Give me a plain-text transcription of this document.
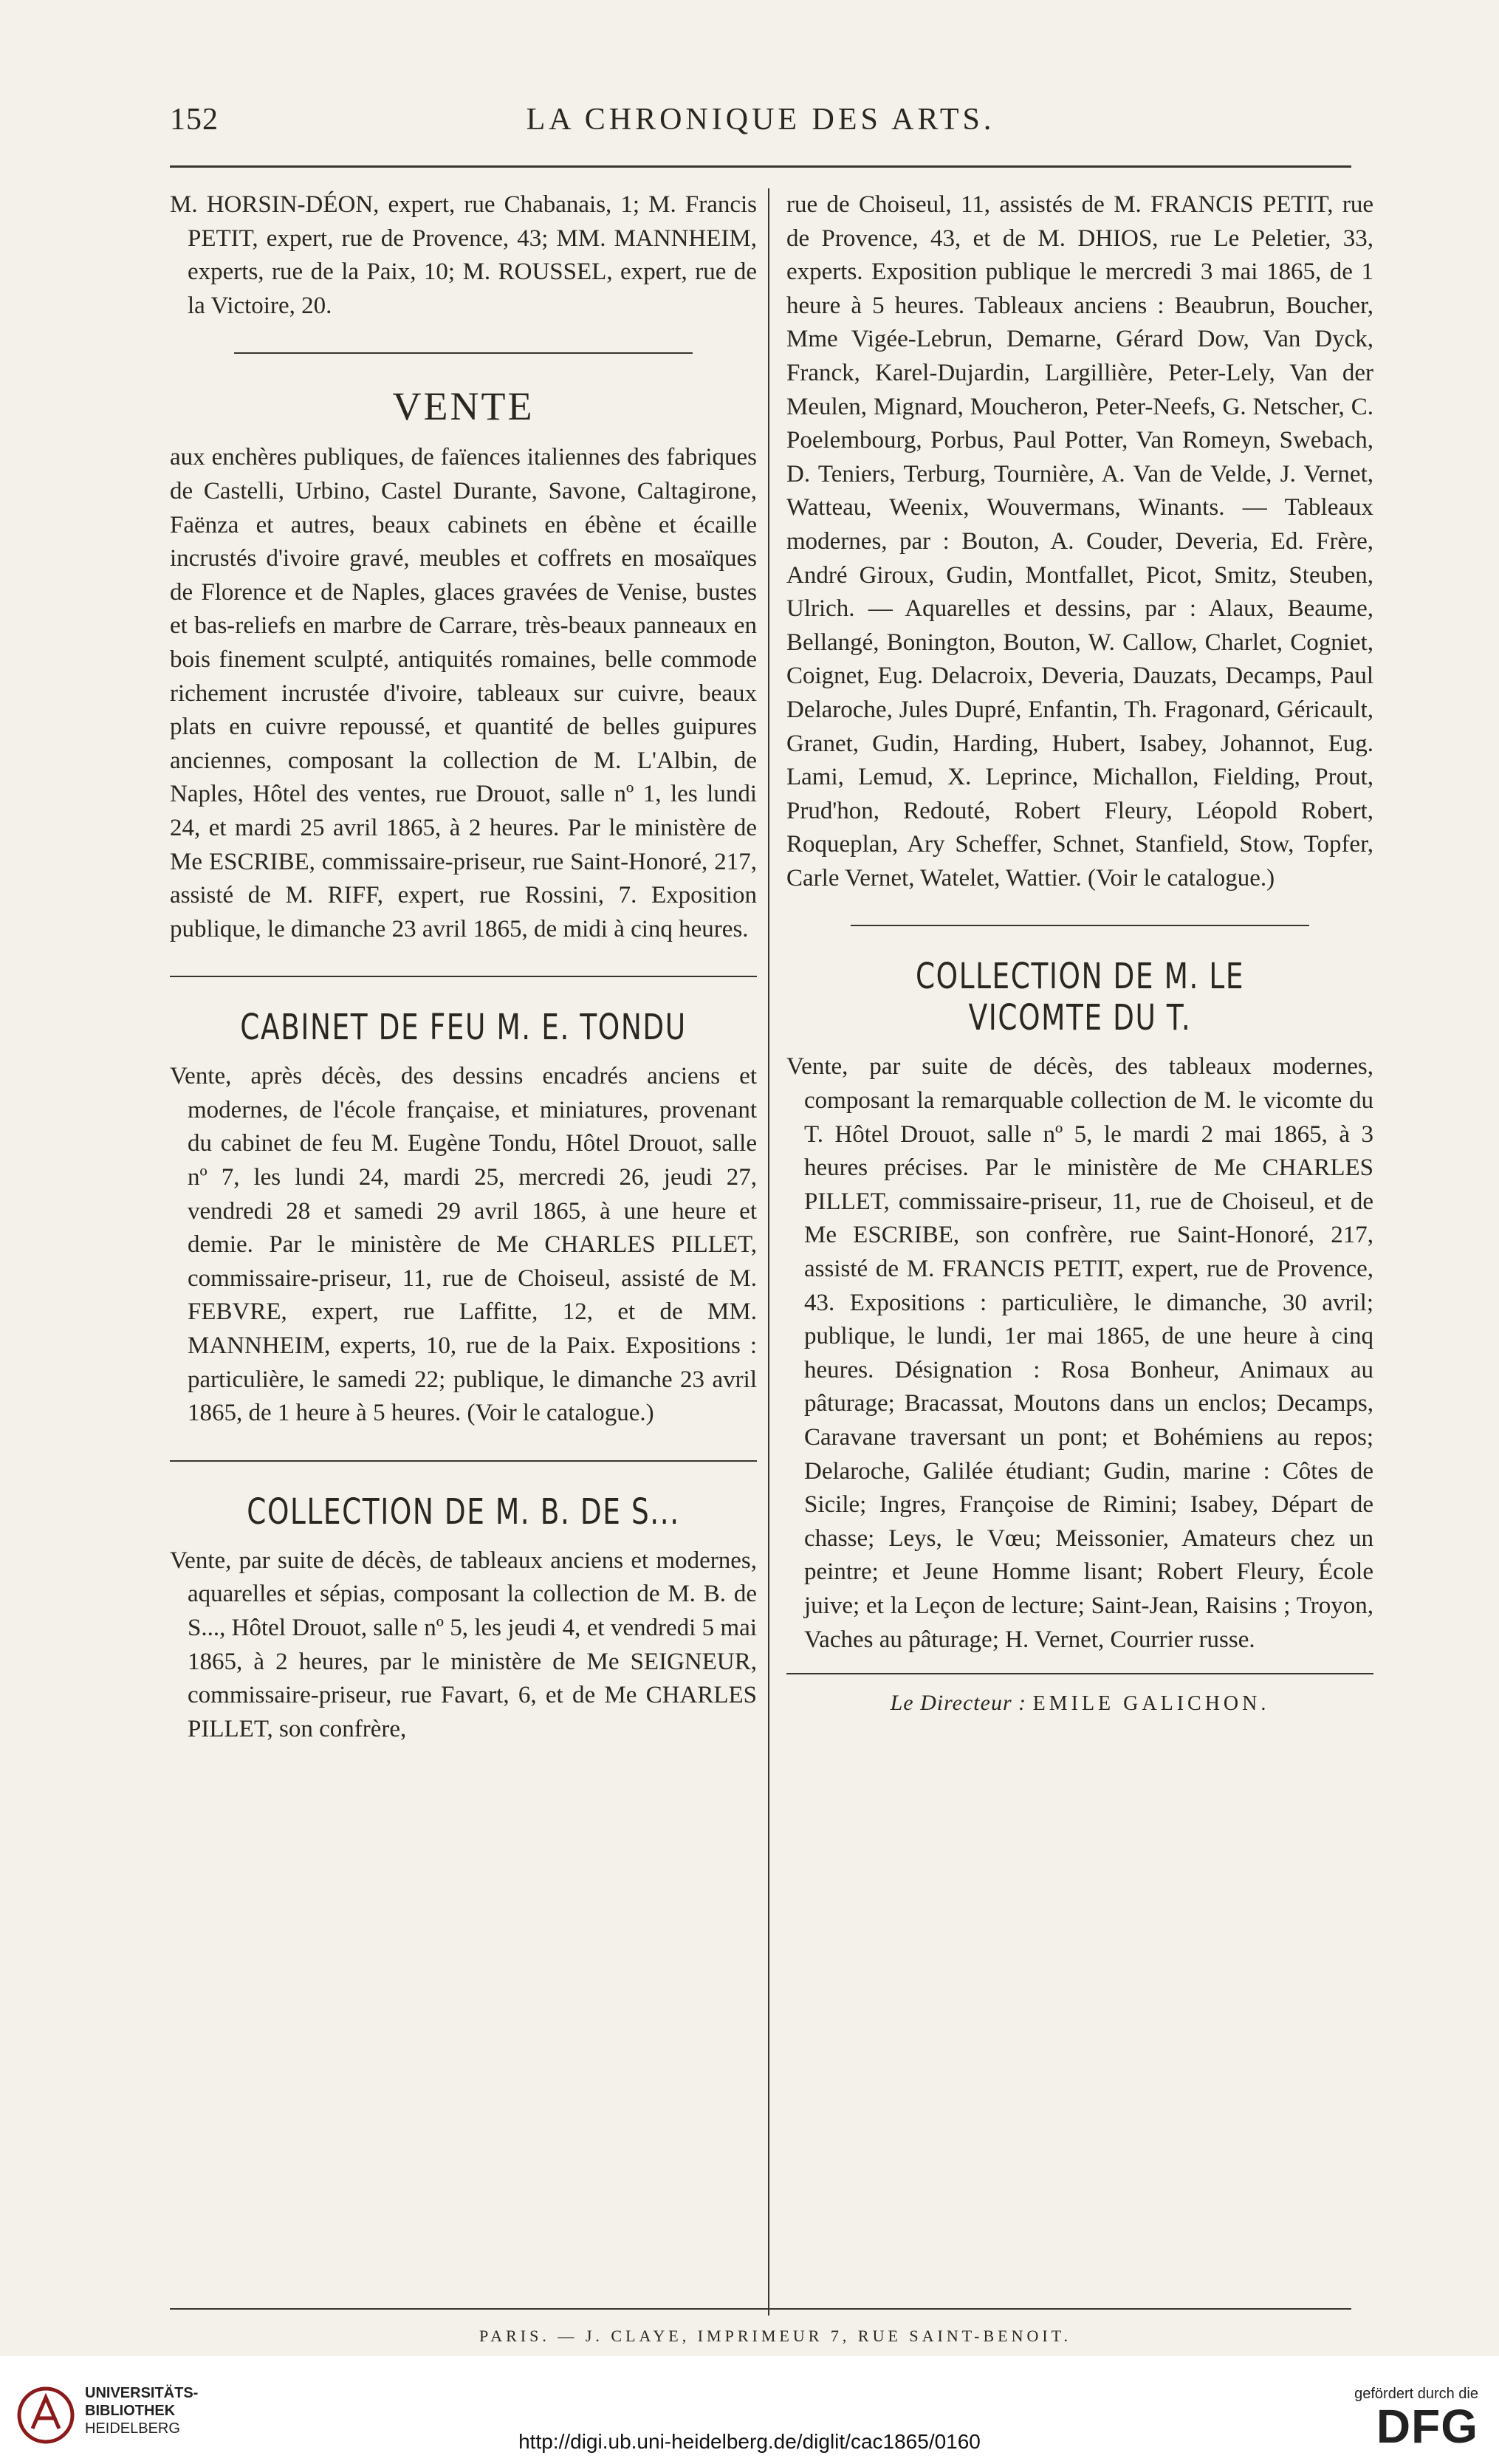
152	LA CHRONIQUE DES ARTS.

M. HORSIN-DÉON, expert, rue Chabanais, 1; M. Francis PETIT, expert, rue de Provence, 43; MM. MANNHEIM, experts, rue de la Paix, 10; M. ROUSSEL, expert, rue de la Victoire, 20.

VENTE

aux enchères publiques, de faïences italiennes des fabriques de Castelli, Urbino, Castel Durante, Savone, Caltagirone, Faënza et autres, beaux cabinets en ébène et écaille incrustés d'ivoire gravé, meubles et coffrets en mosaïques de Florence et de Naples, glaces gravées de Venise, bustes et bas-reliefs en marbre de Carrare, très-beaux panneaux en bois finement sculpté, antiquités romaines, belle commode richement incrustée d'ivoire, tableaux sur cuivre, beaux plats en cuivre repoussé, et quantité de belles guipures anciennes, composant la collection de M. L'Albin, de Naples, Hôtel des ventes, rue Drouot, salle nº 1, les lundi 24, et mardi 25 avril 1865, à 2 heures. Par le ministère de Me ESCRIBE, commissaire-priseur, rue Saint-Honoré, 217, assisté de M. RIFF, expert, rue Rossini, 7. Exposition publique, le dimanche 23 avril 1865, de midi à cinq heures.

CABINET DE FEU M. E. TONDU

Vente, après décès, des dessins encadrés anciens et modernes, de l'école française, et miniatures, provenant du cabinet de feu M. Eugène Tondu, Hôtel Drouot, salle nº 7, les lundi 24, mardi 25, mercredi 26, jeudi 27, vendredi 28 et samedi 29 avril 1865, à une heure et demie. Par le ministère de Me CHARLES PILLET, commissaire-priseur, 11, rue de Choiseul, assisté de M. FEBVRE, expert, rue Laffitte, 12, et de MM. MANNHEIM, experts, 10, rue de la Paix. Expositions : particulière, le samedi 22; publique, le dimanche 23 avril 1865, de 1 heure à 5 heures. (Voir le catalogue.)

COLLECTION DE M. B. DE S...

Vente, par suite de décès, de tableaux anciens et modernes, aquarelles et sépias, composant la collection de M. B. de S..., Hôtel Drouot, salle nº 5, les jeudi 4, et vendredi 5 mai 1865, à 2 heures, par le ministère de Me SEIGNEUR, commissaire-priseur, rue Favart, 6, et de Me CHARLES PILLET, son confrère,

rue de Choiseul, 11, assistés de M. FRANCIS PETIT, rue de Provence, 43, et de M. DHIOS, rue Le Peletier, 33, experts. Exposition publique le mercredi 3 mai 1865, de 1 heure à 5 heures. Tableaux anciens : Beaubrun, Boucher, Mme Vigée-Lebrun, Demarne, Gérard Dow, Van Dyck, Franck, Karel-Dujardin, Largillière, Peter-Lely, Van der Meulen, Mignard, Moucheron, Peter-Neefs, G. Netscher, C. Poelembourg, Porbus, Paul Potter, Van Romeyn, Swebach, D. Teniers, Terburg, Tournière, A. Van de Velde, J. Vernet, Watteau, Weenix, Wouvermans, Winants. — Tableaux modernes, par : Bouton, A. Couder, Deveria, Ed. Frère, André Giroux, Gudin, Montfallet, Picot, Smitz, Steuben, Ulrich. — Aquarelles et dessins, par : Alaux, Beaume, Bellangé, Bonington, Bouton, W. Callow, Charlet, Cogniet, Coignet, Eug. Delacroix, Deveria, Dauzats, Decamps, Paul Delaroche, Jules Dupré, Enfantin, Th. Fragonard, Géricault, Granet, Gudin, Harding, Hubert, Isabey, Johannot, Eug. Lami, Lemud, X. Leprince, Michallon, Fielding, Prout, Prud'hon, Redouté, Robert Fleury, Léopold Robert, Roqueplan, Ary Scheffer, Schnet, Stanfield, Stow, Topfer, Carle Vernet, Watelet, Wattier. (Voir le catalogue.)

COLLECTION DE M. LE VICOMTE DU T.

Vente, par suite de décès, des tableaux modernes, composant la remarquable collection de M. le vicomte du T. Hôtel Drouot, salle nº 5, le mardi 2 mai 1865, à 3 heures précises. Par le ministère de Me CHARLES PILLET, commissaire-priseur, 11, rue de Choiseul, et de Me ESCRIBE, son confrère, rue Saint-Honoré, 217, assisté de M. FRANCIS PETIT, expert, rue de Provence, 43. Expositions : particulière, le dimanche, 30 avril; publique, le lundi, 1er mai 1865, de une heure à cinq heures. Désignation : Rosa Bonheur, Animaux au pâturage; Bracassat, Moutons dans un enclos; Decamps, Caravane traversant un pont; et Bohémiens au repos; Delaroche, Galilée étudiant; Gudin, marine : Côtes de Sicile; Ingres, Françoise de Rimini; Isabey, Départ de chasse; Leys, le Vœu; Meissonier, Amateurs chez un peintre; et Jeune Homme lisant; Robert Fleury, École juive; et la Leçon de lecture; Saint-Jean, Raisins ; Troyon, Vaches au pâturage; H. Vernet, Courrier russe.

Le Directeur : EMILE GALICHON.
PARIS. — J. CLAYE, IMPRIMEUR 7, RUE SAINT-BENOIT.
UNIVERSITÄTS-
BIBLIOTHEK
HEIDELBERG
http://digi.ub.uni-heidelberg.de/diglit/cac1865/0160
gefördert durch die
DFG
